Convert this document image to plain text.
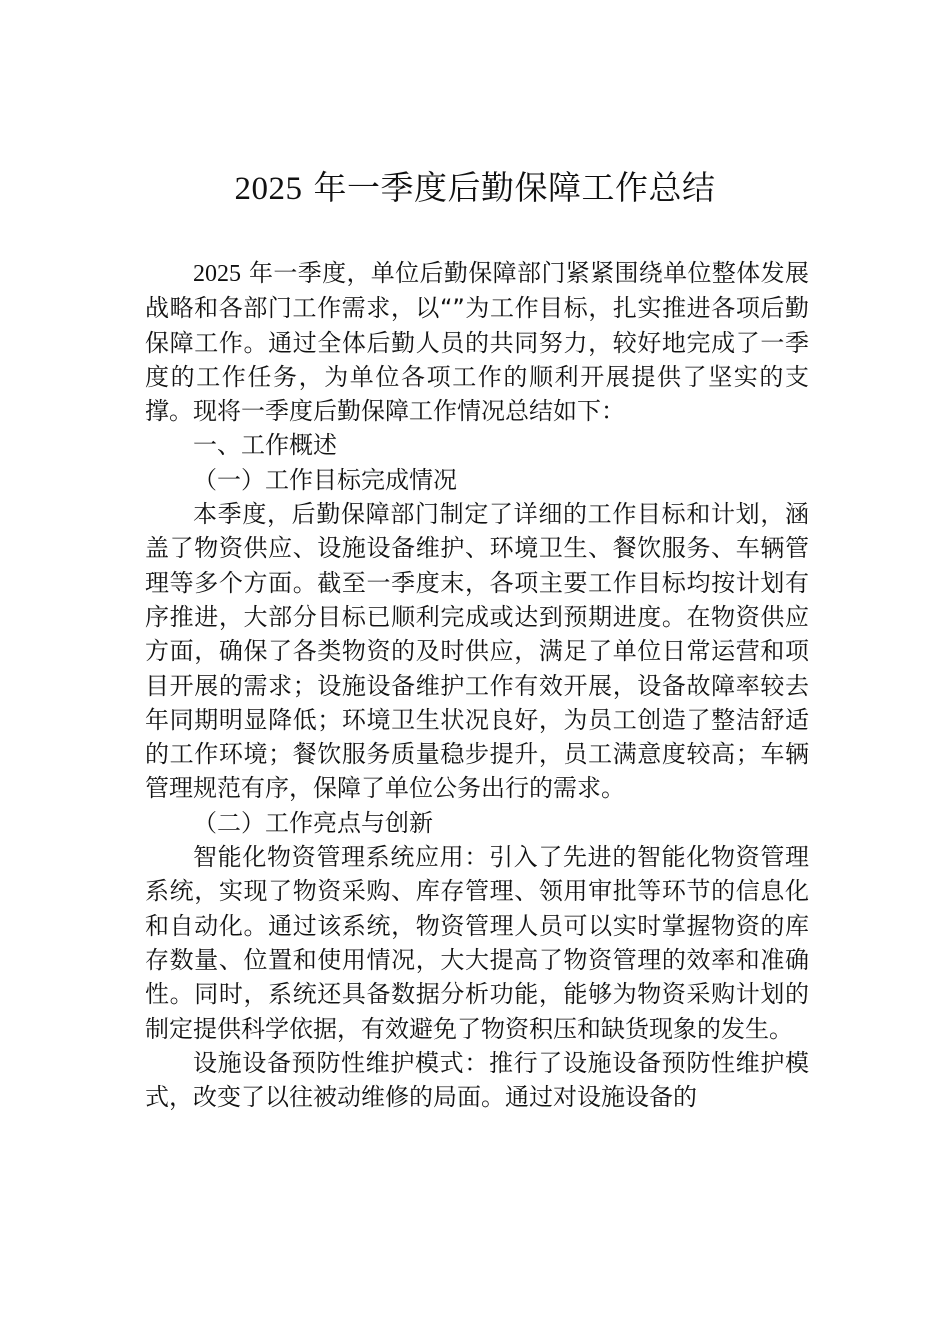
2025 年一季度后勤保障工作总结

2025 年一季度，单位后勤保障部门紧紧围绕单位整体发展战略和各部门工作需求，以“”为工作目标，扎实推进各项后勤保障工作。通过全体后勤人员的共同努力，较好地完成了一季度的工作任务，为单位各项工作的顺利开展提供了坚实的支撑。现将一季度后勤保障工作情况总结如下：

一、工作概述

（一）工作目标完成情况

本季度，后勤保障部门制定了详细的工作目标和计划，涵盖了物资供应、设施设备维护、环境卫生、餐饮服务、车辆管理等多个方面。截至一季度末，各项主要工作目标均按计划有序推进，大部分目标已顺利完成或达到预期进度。在物资供应方面，确保了各类物资的及时供应，满足了单位日常运营和项目开展的需求；设施设备维护工作有效开展，设备故障率较去年同期明显降低；环境卫生状况良好，为员工创造了整洁舒适的工作环境；餐饮服务质量稳步提升，员工满意度较高；车辆管理规范有序，保障了单位公务出行的需求。

（二）工作亮点与创新

智能化物资管理系统应用：引入了先进的智能化物资管理系统，实现了物资采购、库存管理、领用审批等环节的信息化和自动化。通过该系统，物资管理人员可以实时掌握物资的库存数量、位置和使用情况，大大提高了物资管理的效率和准确性。同时，系统还具备数据分析功能，能够为物资采购计划的制定提供科学依据，有效避免了物资积压和缺货现象的发生。

设施设备预防性维护模式：推行了设施设备预防性维护模式，改变了以往被动维修的局面。通过对设施设备的
